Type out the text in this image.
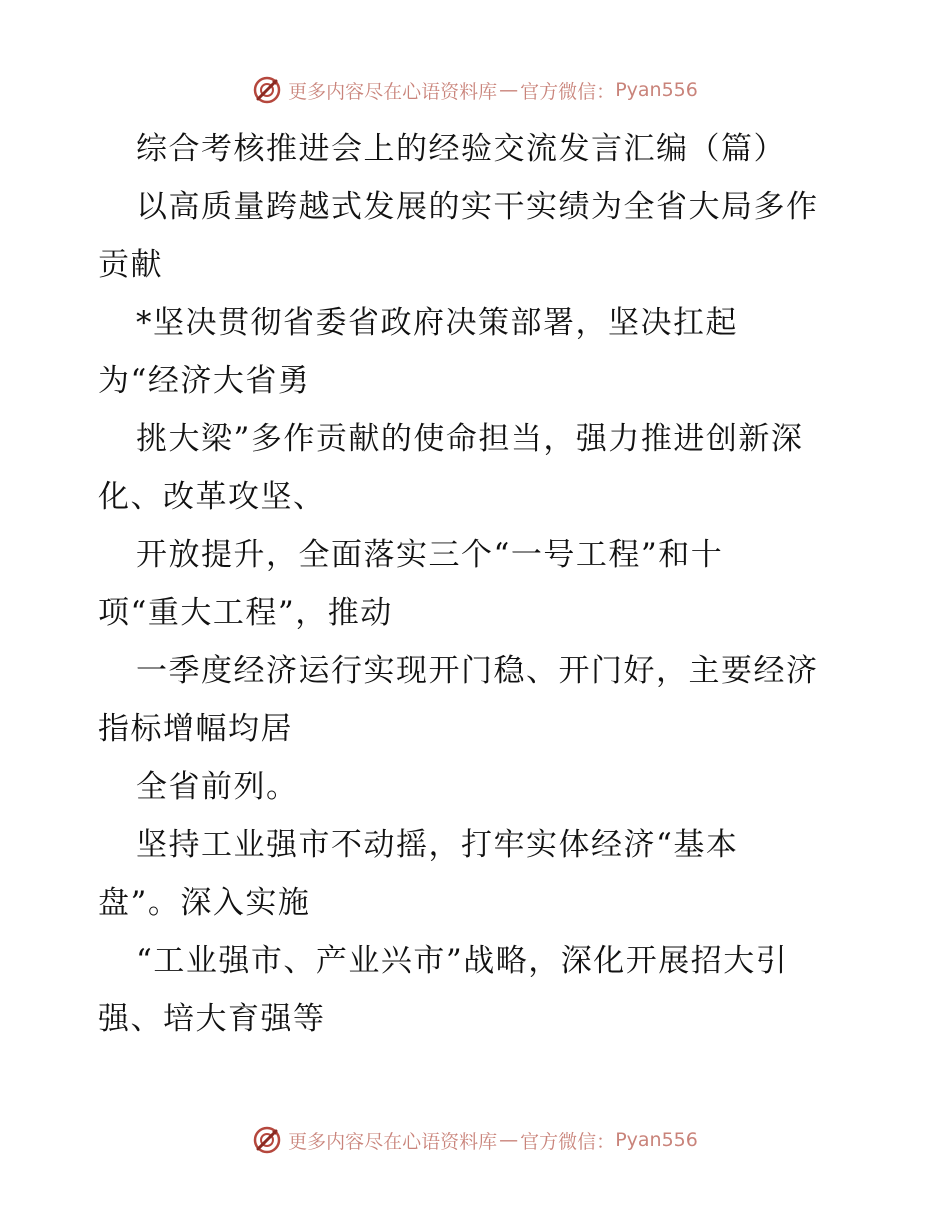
更多内容尽在心语资料库 — 官方微信： Pyan556
综合考核推进会上的经验交流发言汇编（篇）
以高质量跨越式发展的实干实绩为全省大局多作
贡献
*坚决贯彻省委省政府决策部署，坚决扛起
为“经济大省勇
挑大梁”多作贡献的使命担当，强力推进创新深
化、改革攻坚、
开放提升，全面落实三个“一号工程”和十
项“重大工程”，推动
一季度经济运行实现开门稳、开门好，主要经济
指标增幅均居
全省前列。
坚持工业强市不动摇，打牢实体经济“基本
盘”。深入实施
“工业强市、产业兴市”战略，深化开展招大引
强、培大育强等
更多内容尽在心语资料库 — 官方微信： Pyan556
